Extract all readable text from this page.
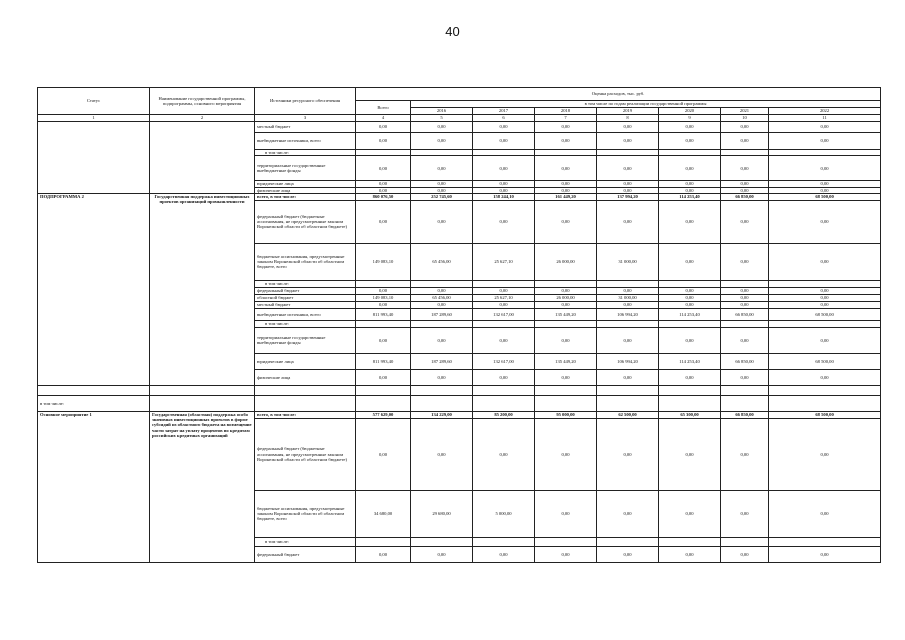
40
Статус	Наименование государственной программы, подпрограммы, основного мероприятия	Источники ресурсного обеспечения	Оценка расходов, тыс. руб.							
			Всего	в том числе по годам реализации государственной программы						
				2016	2017	2018	2019	2020	2021	2022
1	2	3	4	5	6	7	8	9	10	11
		местный бюджет	0,00	0,00	0,00	0,00	0,00	0,00	0,00	0,00
		внебюджетные источники, всего	0,00	0,00	0,00	0,00	0,00	0,00	0,00	0,00
		в том числе:								
		территориальные государственные внебюджетные фонды	0,00	0,00	0,00	0,00	0,00	0,00	0,00	0,00
		юридические лица	0,00	0,00	0,00	0,00	0,00	0,00	0,00	0,00
		физические лица	0,00	0,00	0,00	0,00	0,00	0,00	0,00	0,00
ПОДПРОГРАММА 2	Государственная поддержка инвестиционных проектов организаций промышленности	всего, в том числе:	860 076,50	252 745,60	158 244,10	161 449,20	137 994,20	114 253,40	66 850,00	68 500,00
		федеральный бюджет (бюджетные ассигнования, не предусмотренные законом Воронежской области об областном бюджете)	0,00	0,00	0,00	0,00	0,00	0,00	0,00	0,00
		бюджетные ассигнования, предусмотренные законом Воронежской области об областном бюджете, всего	149 083,10	65 456,00	25 627,10	26 000,00	31 000,00	0,00	0,00	0,00
		в том числе:								
		федеральный бюджет	0,00	0,00	0,00	0,00	0,00	0,00	0,00	0,00
		областной бюджет	149 083,10	65 456,00	25 627,10	26 000,00	31 000,00	0,00	0,00	0,00
		местный бюджет	0,00	0,00	0,00	0,00	0,00	0,00	0,00	0,00
		внебюджетные источники, всего	811 993,40	187 289,60	132 617,00	135 449,20	106 994,20	114 253,40	66 850,00	68 500,00
		в том числе:								
		территориальные государственные внебюджетные фонды	0,00	0,00	0,00	0,00	0,00	0,00	0,00	0,00
		юридические лица	811 993,40	187 289,60	132 617,00	135 449,20	106 994,20	114 253,40	66 850,00	68 500,00
		физические лица	0,00	0,00	0,00	0,00	0,00	0,00	0,00	0,00

в том числе:										
Основное мероприятие 1	Государственная (областная) поддержка особо значимых инвестиционных проектов в форме субсидий из областного бюджета на возмещение части затрат на уплату процентов по кредитам российских кредитных организаций	всего, в том числе:	577 629,00	134 229,00	85 200,00	95 000,00	62 500,00	65 300,00	66 850,00	68 500,00
		федеральный бюджет (бюджетные ассигнования, не предусмотренные законом Воронежской области об областном бюджете)	0,00	0,00	0,00	0,00	0,00	0,00	0,00	0,00
		бюджетные ассигнования, предусмотренные законом Воронежской области об областном бюджете, всего	34 680,00	29 680,00	5 000,00	0,00	0,00	0,00	0,00	0,00
		в том числе:								
		федеральный бюджет	0,00	0,00	0,00	0,00	0,00	0,00	0,00	0,00
